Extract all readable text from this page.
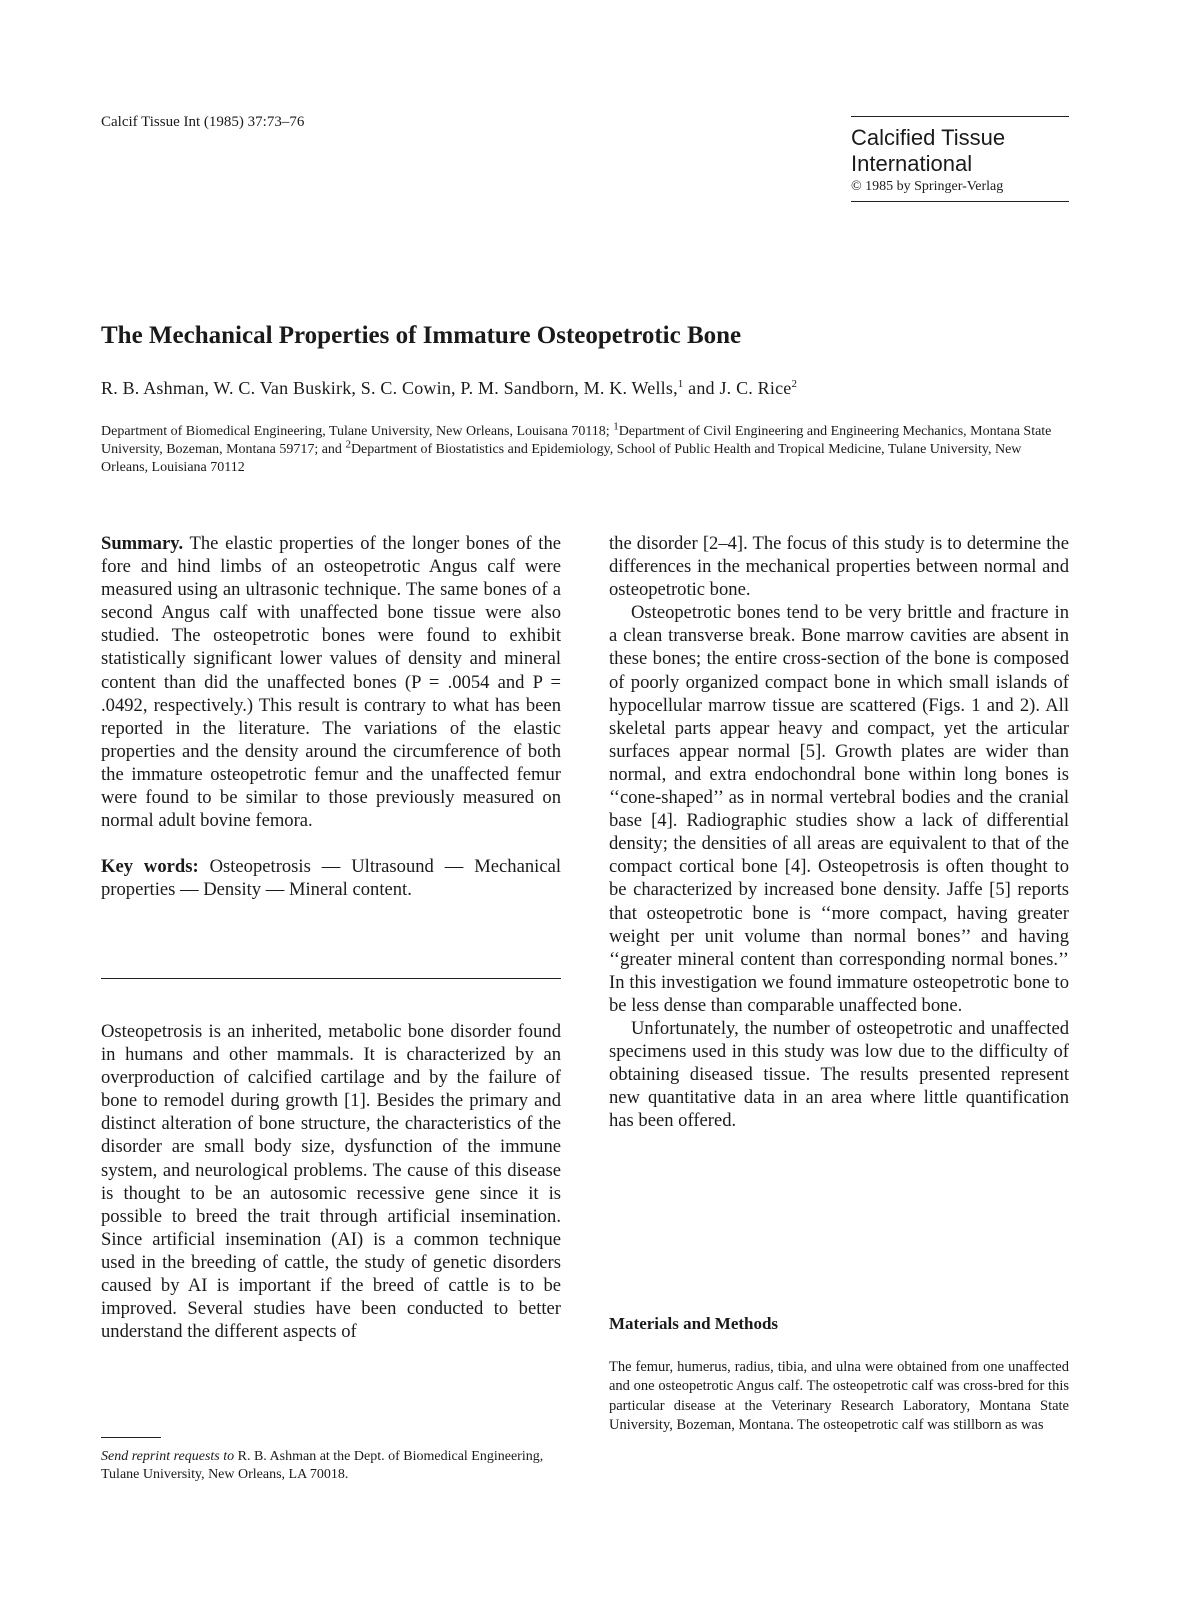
Calcif Tissue Int (1985) 37:73–76
Calcified Tissue
International
© 1985 by Springer-Verlag
The Mechanical Properties of Immature Osteopetrotic Bone
R. B. Ashman, W. C. Van Buskirk, S. C. Cowin, P. M. Sandborn, M. K. Wells,$^1$ and J. C. Rice$^2$
Department of Biomedical Engineering, Tulane University, New Orleans, Louisana 70118; $^1$Department of Civil Engineering and Engineering Mechanics, Montana State University, Bozeman, Montana 59717; and $^2$Department of Biostatistics and Epidemiology, School of Public Health and Tropical Medicine, Tulane University, New Orleans, Louisiana 70112

Summary. The elastic properties of the longer bones of the fore and hind limbs of an osteopetrotic Angus calf were measured using an ultrasonic technique. The same bones of a second Angus calf with unaffected bone tissue were also studied. The osteopetrotic bones were found to exhibit statistically significant lower values of density and mineral content than did the unaffected bones (P = .0054 and P = .0492, respectively.) This result is contrary to what has been reported in the literature. The variations of the elastic properties and the density around the circumference of both the immature osteopetrotic femur and the unaffected femur were found to be similar to those previously measured on normal adult bovine femora.

Key words: Osteopetrosis — Ultrasound — Mechanical properties — Density — Mineral content.

Osteopetrosis is an inherited, metabolic bone disorder found in humans and other mammals. It is characterized by an overproduction of calcified cartilage and by the failure of bone to remodel during growth [1]. Besides the primary and distinct alteration of bone structure, the characteristics of the disorder are small body size, dysfunction of the immune system, and neurological problems. The cause of this disease is thought to be an autosomic recessive gene since it is possible to breed the trait through artificial insemination. Since artificial insemination (AI) is a common technique used in the breeding of cattle, the study of genetic disorders caused by AI is important if the breed of cattle is to be improved. Several studies have been conducted to better understand the different aspects of

Send reprint requests to R. B. Ashman at the Dept. of Biomedical Engineering, Tulane University, New Orleans, LA 70018.

the disorder [2–4]. The focus of this study is to determine the differences in the mechanical properties between normal and osteopetrotic bone.

Osteopetrotic bones tend to be very brittle and fracture in a clean transverse break. Bone marrow cavities are absent in these bones; the entire cross-section of the bone is composed of poorly organized compact bone in which small islands of hypocellular marrow tissue are scattered (Figs. 1 and 2). All skeletal parts appear heavy and compact, yet the articular surfaces appear normal [5]. Growth plates are wider than normal, and extra endochondral bone within long bones is ‘‘cone-shaped’’ as in normal vertebral bodies and the cranial base [4]. Radiographic studies show a lack of differential density; the densities of all areas are equivalent to that of the compact cortical bone [4]. Osteopetrosis is often thought to be characterized by increased bone density. Jaffe [5] reports that osteopetrotic bone is ‘‘more compact, having greater weight per unit volume than normal bones’’ and having ‘‘greater mineral content than corresponding normal bones.’’ In this investigation we found immature osteopetrotic bone to be less dense than comparable unaffected bone.

Unfortunately, the number of osteopetrotic and unaffected specimens used in this study was low due to the difficulty of obtaining diseased tissue. The results presented represent new quantitative data in an area where little quantification has been offered.

Materials and Methods
The femur, humerus, radius, tibia, and ulna were obtained from one unaffected and one osteopetrotic Angus calf. The osteopetrotic calf was cross-bred for this particular disease at the Veterinary Research Laboratory, Montana State University, Bozeman, Montana. The osteopetrotic calf was stillborn as was
